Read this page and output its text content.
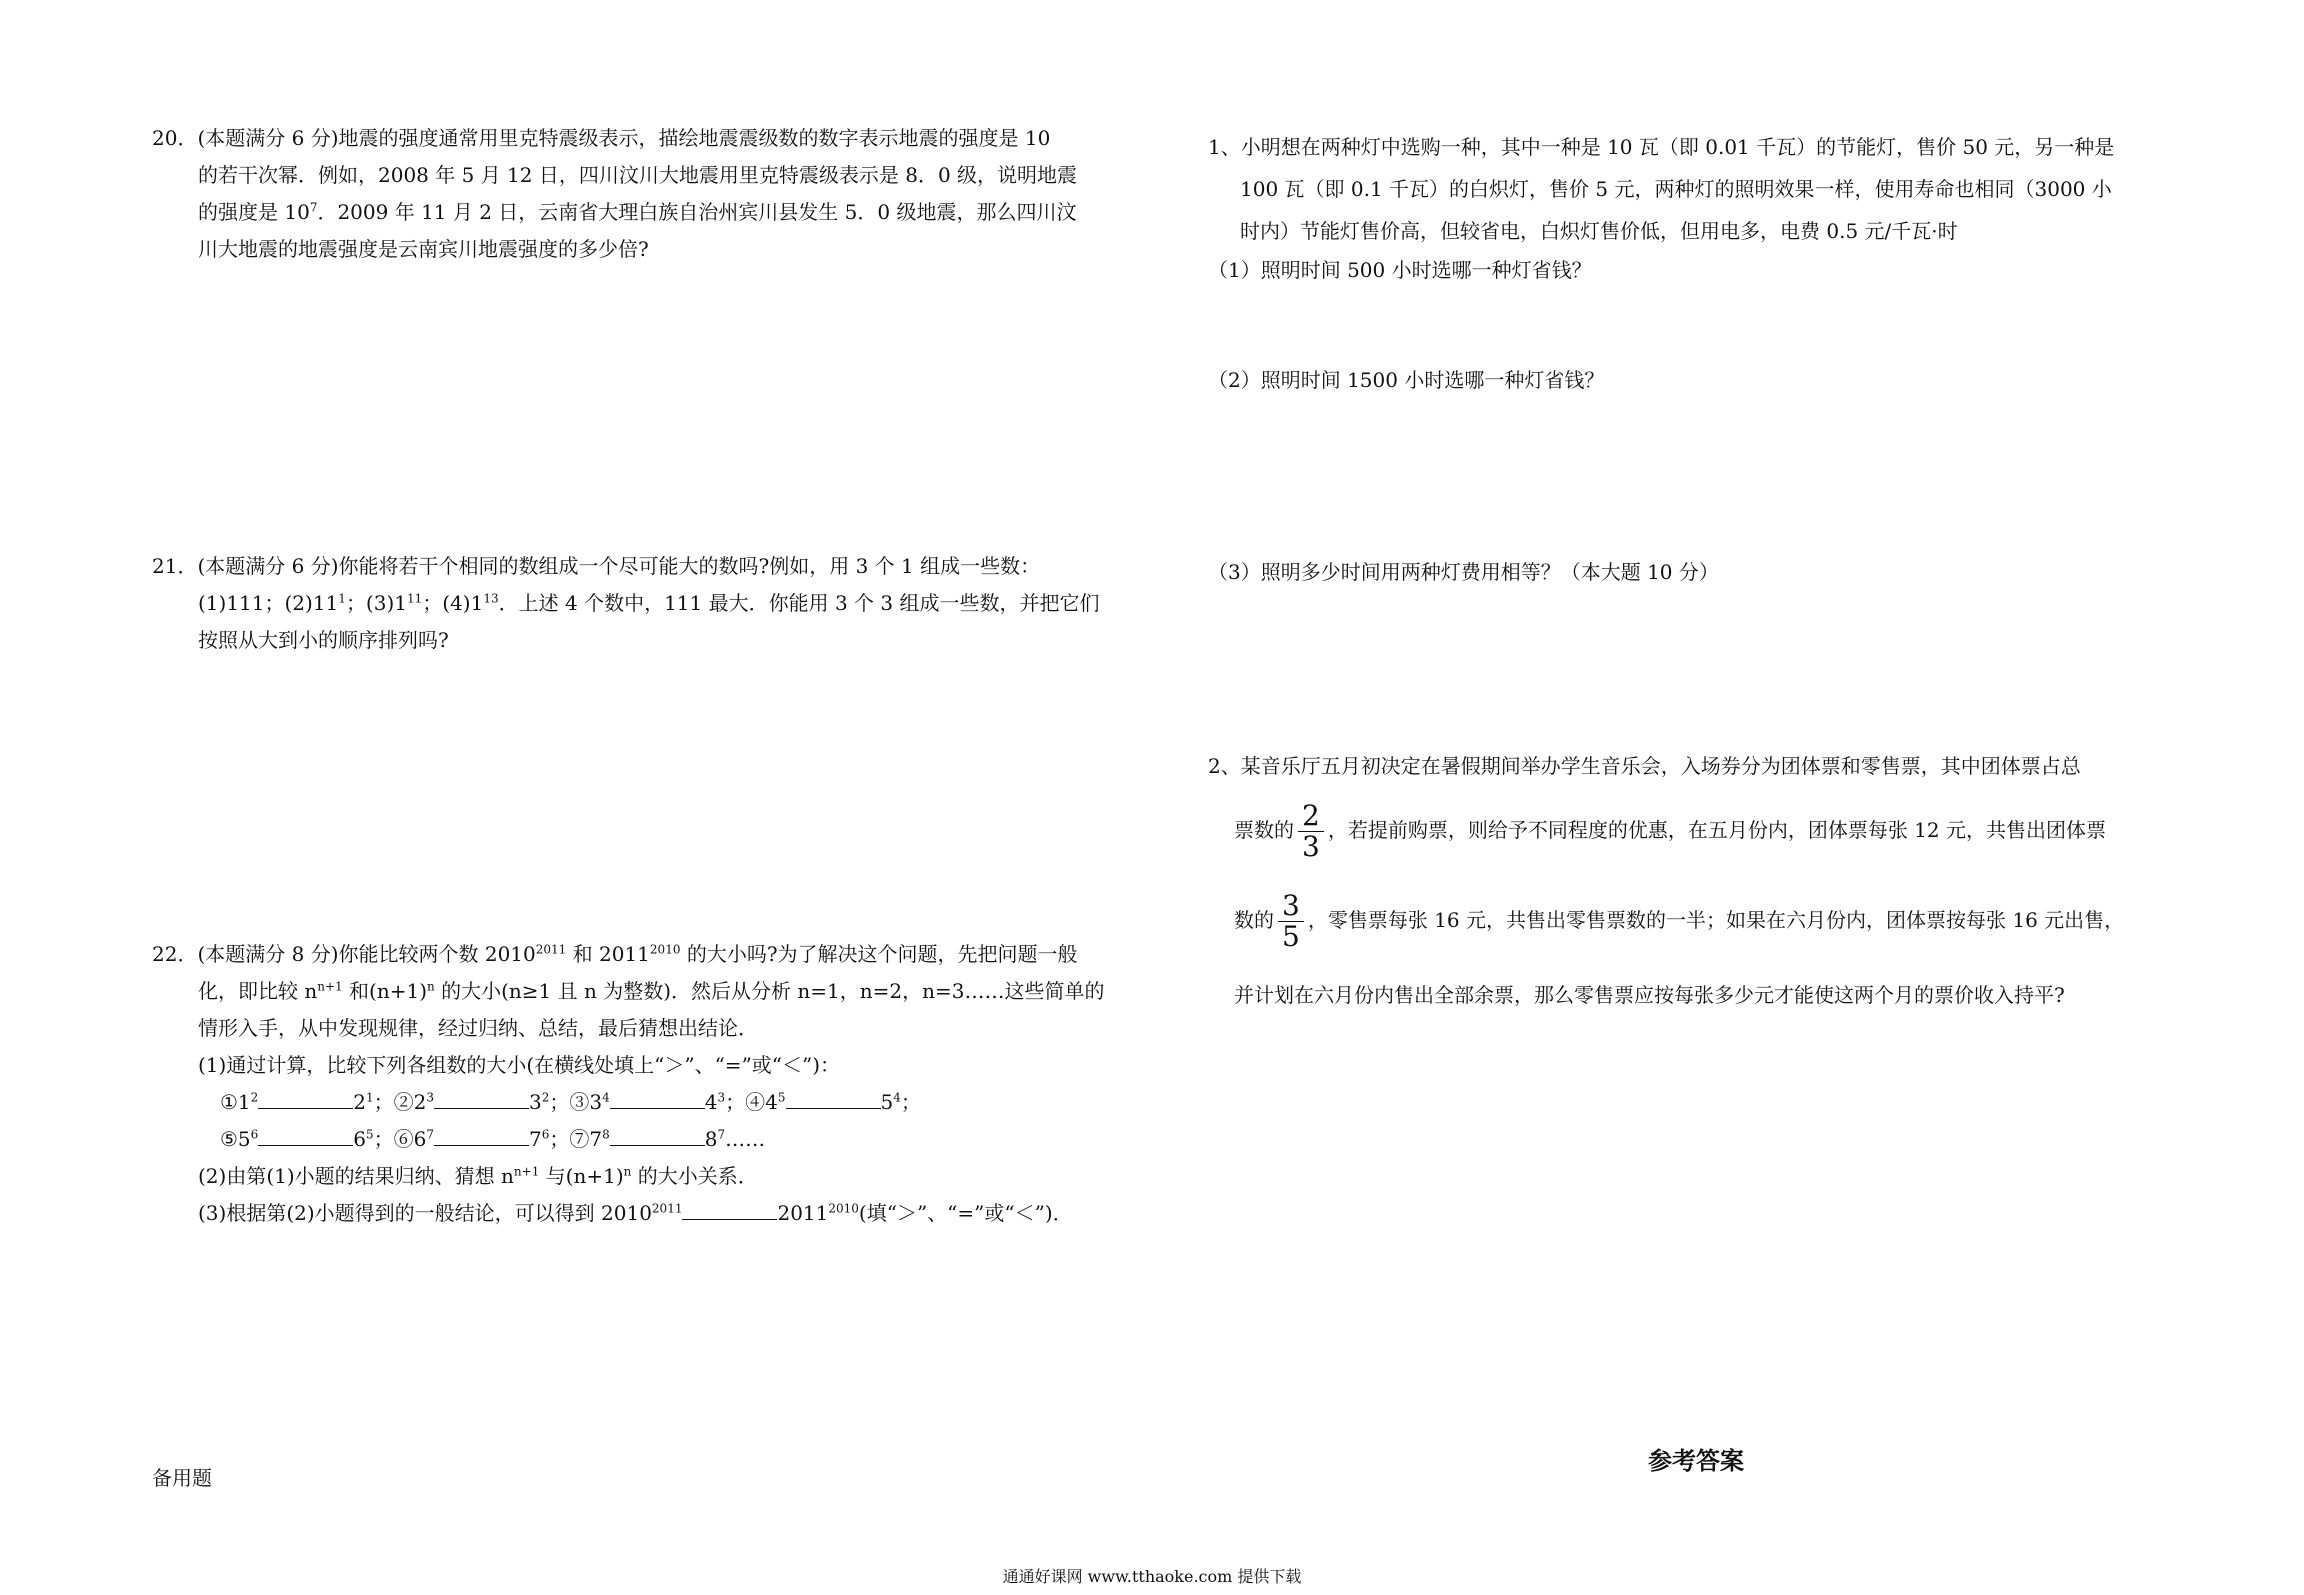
20．(本题满分 6 分)地震的强度通常用里克特震级表示，描绘地震震级数的数字表示地震的强度是 10

的若干次幂．例如，2008 年 5 月 12 日，四川汶川大地震用里克特震级表示是 8．0 级，说明地震

的强度是 $10^7$．2009 年 11 月 2 日，云南省大理白族自治州宾川县发生 5．0 级地震，那么四川汶

川大地震的地震强度是云南宾川地震强度的多少倍?

21．(本题满分 6 分)你能将若干个相同的数组成一个尽可能大的数吗?例如，用 3 个 1 组成一些数：

(1)111；$(2)11^1$；$(3)1^{11}$；$(4)1^{13}$．上述 4 个数中，111 最大．你能用 3 个 3 组成一些数，并把它们

按照从大到小的顺序排列吗?

22．(本题满分 8 分)你能比较两个数 $2010^{2011}$ 和 $2011^{2010}$ 的大小吗?为了解决这个问题，先把问题一般

化，即比较 $n^{n+1}$ 和$(n+1)^n$ 的大小(n≥1 且 n 为整数)．然后从分析 n=1，n=2，n=3……这些简单的

情形入手，从中发现规律，经过归纳、总结，最后猜想出结论．

(1)通过计算，比较下列各组数的大小(在横线处填上“＞”、“=”或“＜”)：

$①1^2$	$2^1$；$②2^3$	$3^2$；$③3^4$	$4^3$；$④4^5$	$5^4$；

$⑤5^6$	$6^5$；$⑥6^7$	$7^6$；$⑦7^8$	$8^7\dots\dots$

(2)由第(1)小题的结果归纳、猜想 $n^{n+1}$ 与$(n+1)^n$ 的大小关系．

(3)根据第(2)小题得到的一般结论，可以得到 $2010^{2011}$	$2011^{2010}$(填“＞”、“=”或“＜”)．

备用题

1、小明想在两种灯中选购一种，其中一种是 10 瓦（即 0.01 千瓦）的节能灯，售价 50 元，另一种是

100 瓦（即 0.1 千瓦）的白炽灯，售价 5 元，两种灯的照明效果一样，使用寿命也相同（3000 小

时内）节能灯售价高，但较省电，白炽灯售价低，但用电多，电费 0.5 元/千瓦·时

（1）照明时间 500 小时选哪一种灯省钱？

（2）照明时间 1500 小时选哪一种灯省钱？

（3）照明多少时间用两种灯费用相等？（本大题 10 分）

2、某音乐厅五月初决定在暑假期间举办学生音乐会，入场券分为团体票和零售票，其中团体票占总

票数的 $\frac{2}{3}$ ，若提前购票，则给予不同程度的优惠，在五月份内，团体票每张 12 元，共售出团体票

数的 $\frac{3}{5}$ ，零售票每张 16 元，共售出零售票数的一半；如果在六月份内，团体票按每张 16 元出售，

并计划在六月份内售出全部余票，那么零售票应按每张多少元才能使这两个月的票价收入持平?

参考答案

通通好课网 www.tthaoke.com 提供下载
